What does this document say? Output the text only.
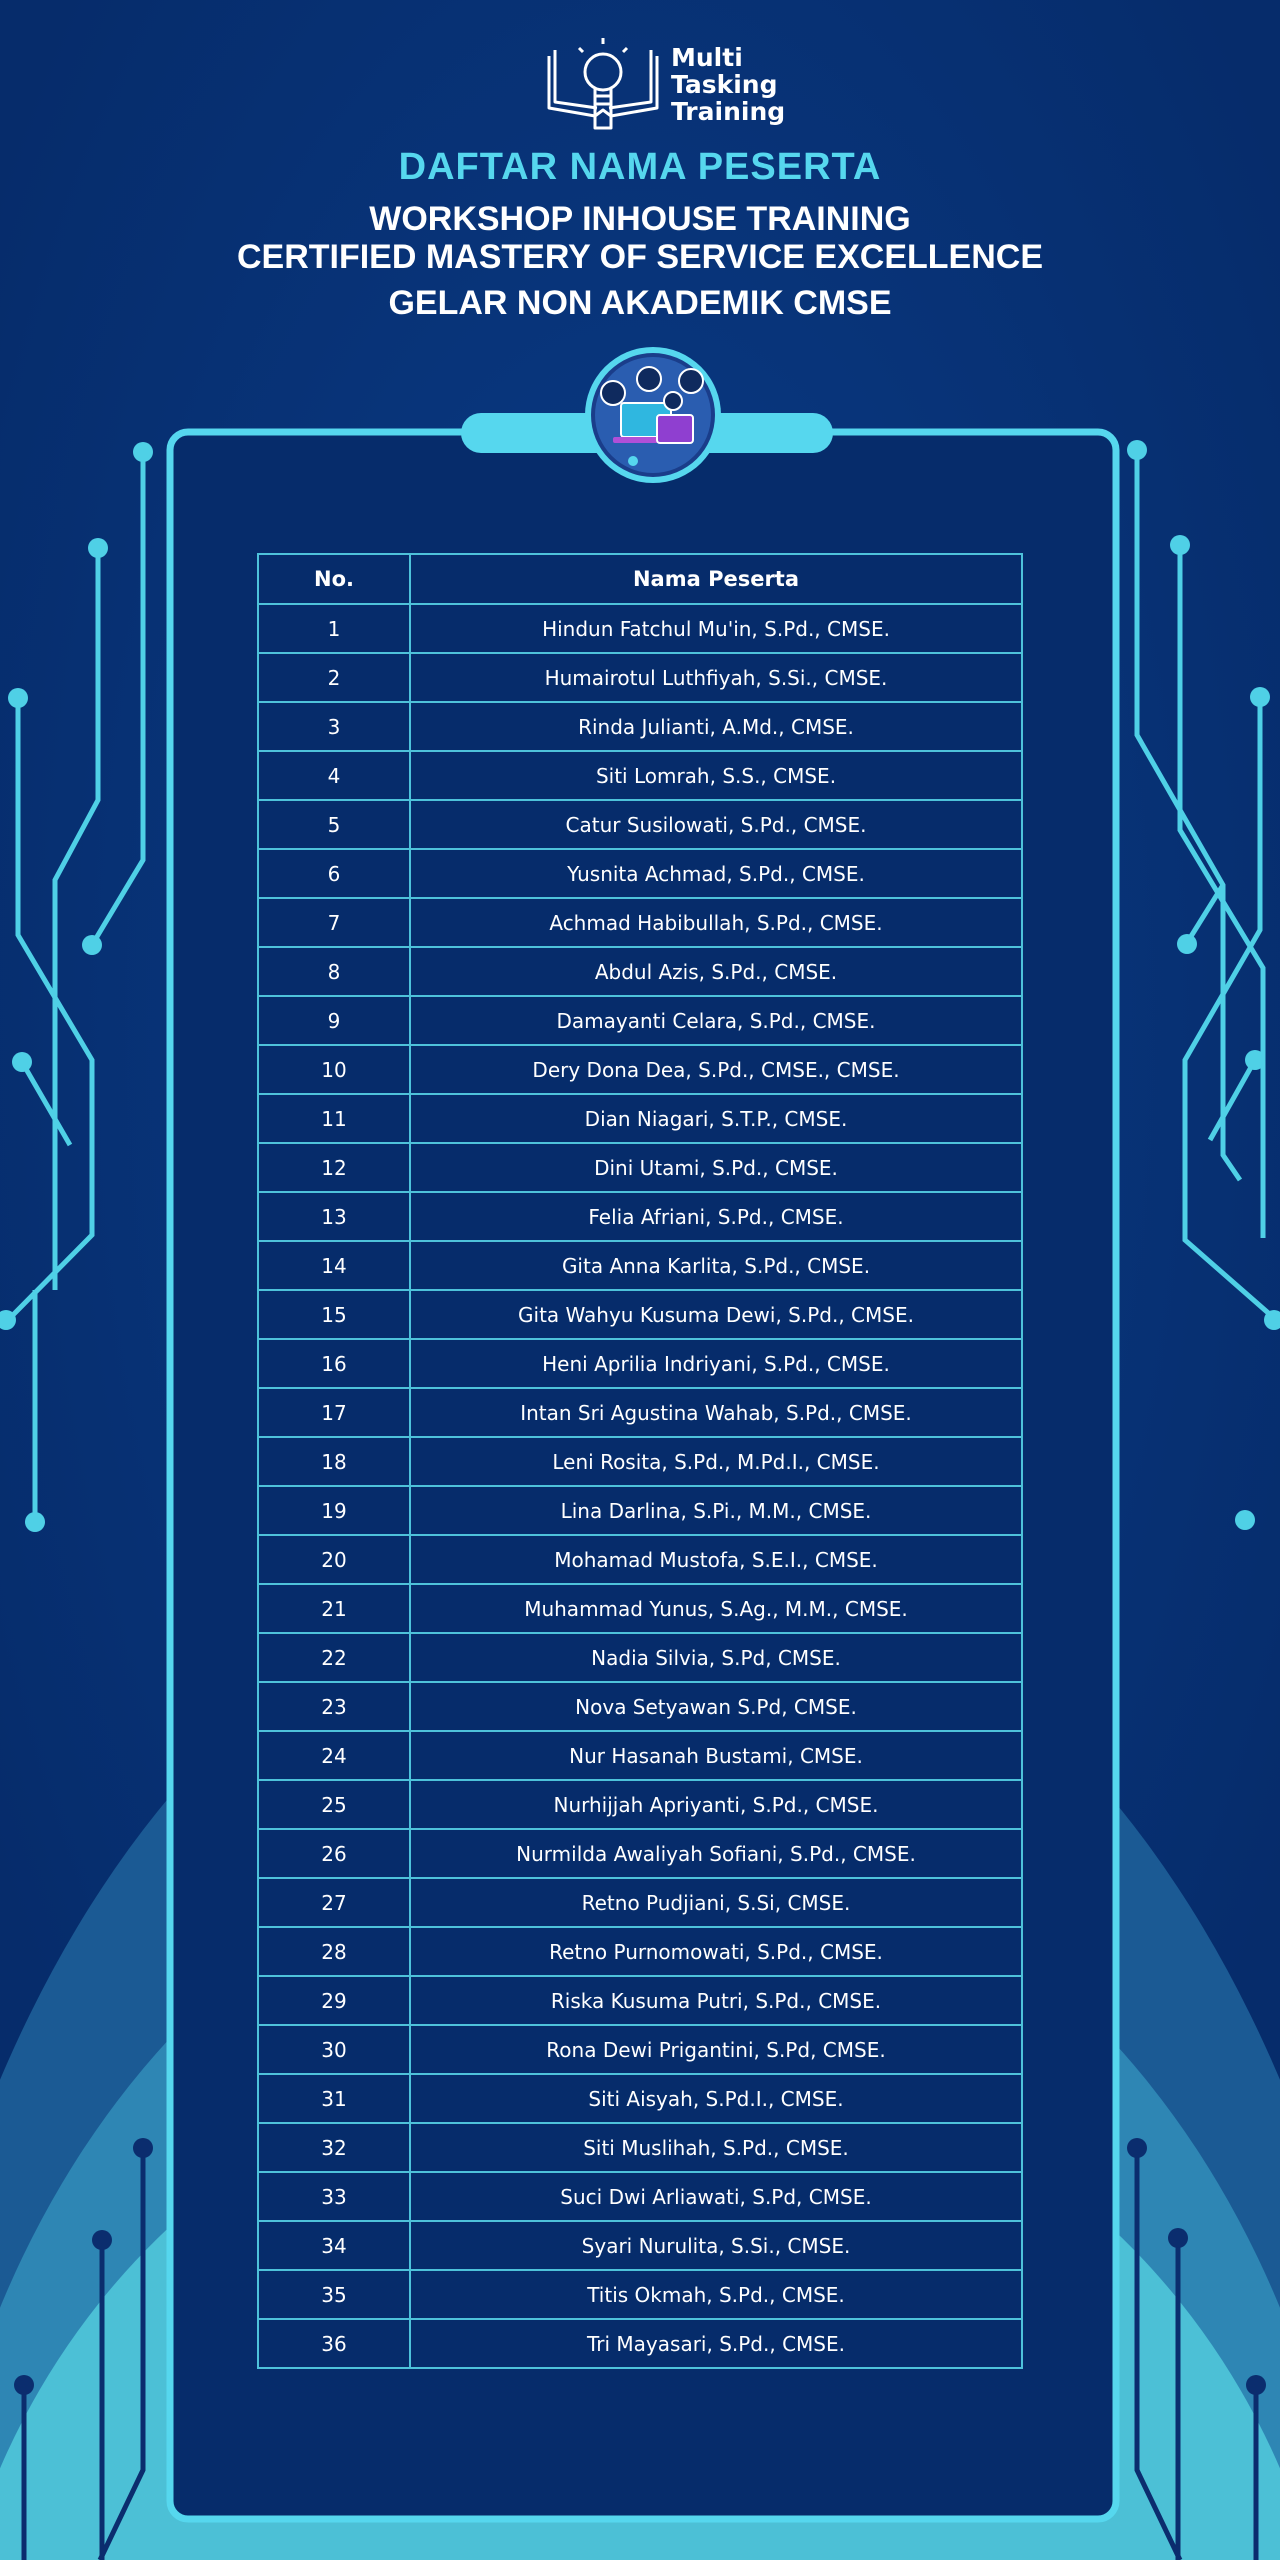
Multi
Tasking
Training
DAFTAR NAMA PESERTA
WORKSHOP INHOUSE TRAINING
CERTIFIED MASTERY OF SERVICE EXCELLENCE
GELAR NON AKADEMIK CMSE
No.	Nama Peserta
1	Hindun Fatchul Mu'in, S.Pd., CMSE.
2	Humairotul Luthfiyah, S.Si., CMSE.
3	Rinda Julianti, A.Md., CMSE.
4	Siti Lomrah, S.S., CMSE.
5	Catur Susilowati, S.Pd., CMSE.
6	Yusnita Achmad, S.Pd., CMSE.
7	Achmad Habibullah, S.Pd., CMSE.
8	Abdul Azis, S.Pd., CMSE.
9	Damayanti Celara, S.Pd., CMSE.
10	Dery Dona Dea, S.Pd., CMSE., CMSE.
11	Dian Niagari, S.T.P., CMSE.
12	Dini Utami, S.Pd., CMSE.
13	Felia Afriani, S.Pd., CMSE.
14	Gita Anna Karlita, S.Pd., CMSE.
15	Gita Wahyu Kusuma Dewi, S.Pd., CMSE.
16	Heni Aprilia Indriyani, S.Pd., CMSE.
17	Intan Sri Agustina Wahab, S.Pd., CMSE.
18	Leni Rosita, S.Pd., M.Pd.I., CMSE.
19	Lina Darlina, S.Pi., M.M., CMSE.
20	Mohamad Mustofa, S.E.I., CMSE.
21	Muhammad Yunus, S.Ag., M.M., CMSE.
22	Nadia Silvia, S.Pd, CMSE.
23	Nova Setyawan S.Pd, CMSE.
24	Nur Hasanah Bustami, CMSE.
25	Nurhijjah Apriyanti, S.Pd., CMSE.
26	Nurmilda Awaliyah Sofiani, S.Pd., CMSE.
27	Retno Pudjiani, S.Si, CMSE.
28	Retno Purnomowati, S.Pd., CMSE.
29	Riska Kusuma Putri, S.Pd., CMSE.
30	Rona Dewi Prigantini, S.Pd, CMSE.
31	Siti Aisyah, S.Pd.I., CMSE.
32	Siti Muslihah, S.Pd., CMSE.
33	Suci Dwi Arliawati, S.Pd, CMSE.
34	Syari Nurulita, S.Si., CMSE.
35	Titis Okmah, S.Pd., CMSE.
36	Tri Mayasari, S.Pd., CMSE.
